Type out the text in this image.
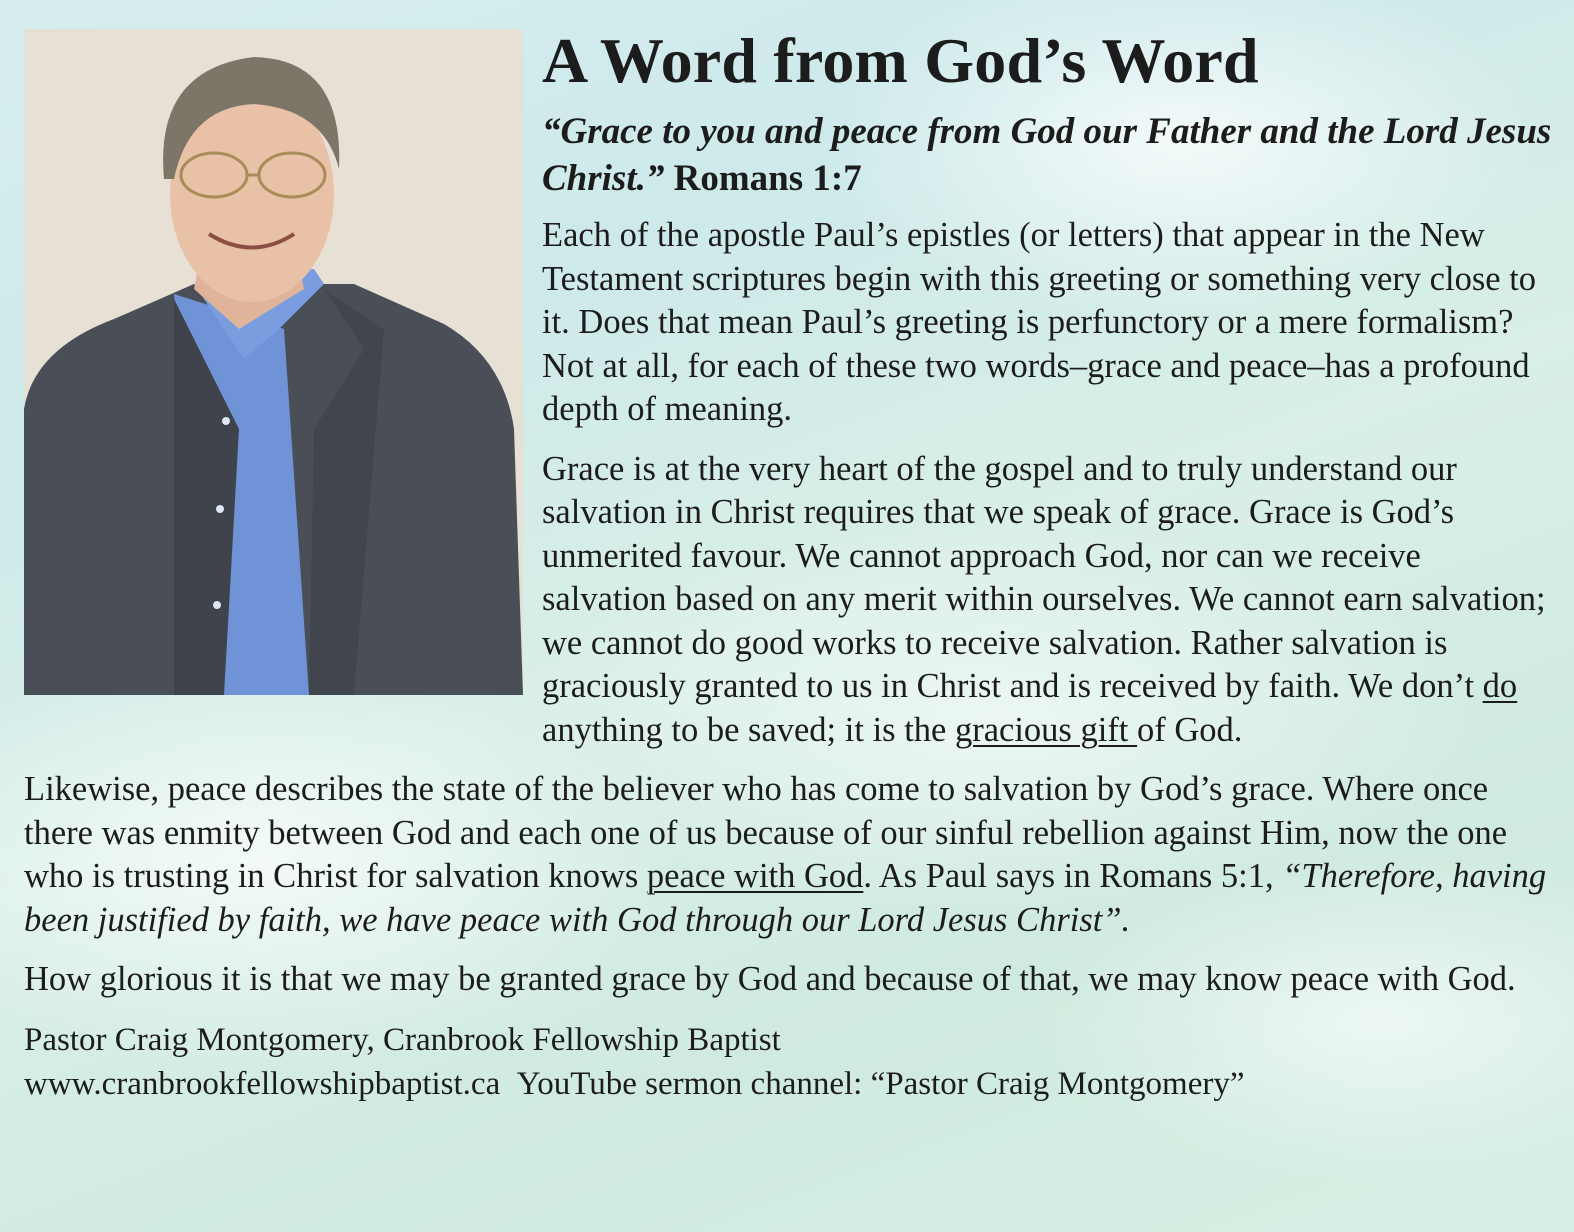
A Word from God’s Word
“Grace to you and peace from God our Father and the Lord Jesus Christ.” Romans 1:7

Each of the apostle Paul’s epistles (or letters) that appear in the New Testament scriptures begin with this greeting or something very close to it. Does that mean Paul’s greeting is perfunctory or a mere formalism? Not at all, for each of these two words–grace and peace–has a profound depth of meaning.

Grace is at the very heart of the gospel and to truly understand our salvation in Christ requires that we speak of grace. Grace is God’s unmerited favour. We cannot approach God, nor can we receive salvation based on any merit within ourselves. We cannot earn salvation; we cannot do good works to receive salvation. Rather salvation is graciously granted to us in Christ and is received by faith. We don’t do anything to be saved; it is the gracious gift of God.

Likewise, peace describes the state of the believer who has come to salvation by God’s grace. Where once there was enmity between God and each one of us because of our sinful rebellion against Him, now the one who is trusting in Christ for salvation knows peace with God. As Paul says in Romans 5:1, “Therefore, having been justified by faith, we have peace with God through our Lord Jesus Christ”.

How glorious it is that we may be granted grace by God and because of that, we may know peace with God.

Pastor Craig Montgomery, Cranbrook Fellowship Baptist
www.cranbrookfellowshipbaptist.ca YouTube sermon channel: “Pastor Craig Montgomery”
